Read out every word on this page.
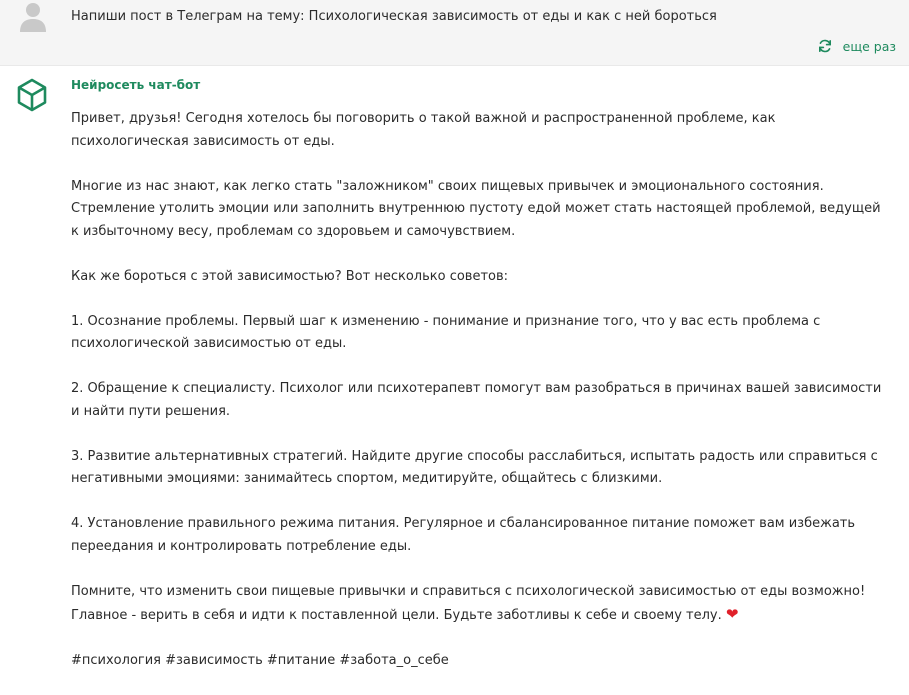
Напиши пост в Телеграм на тему: Психологическая зависимость от еды и как с ней бороться
еще раз
Нейросеть чат-бот

Привет, друзья! Сегодня хотелось бы поговорить о такой важной и распространенной проблеме, как психологическая зависимость от еды.

Многие из нас знают, как легко стать "заложником" своих пищевых привычек и эмоционального состояния. Стремление утолить эмоции или заполнить внутреннюю пустоту едой может стать настоящей проблемой, ведущей к избыточному весу, проблемам со здоровьем и самочувствием.

Как же бороться с этой зависимостью? Вот несколько советов:

1. Осознание проблемы. Первый шаг к изменению - понимание и признание того, что у вас есть проблема с психологической зависимостью от еды.

2. Обращение к специалисту. Психолог или психотерапевт помогут вам разобраться в причинах вашей зависимости и найти пути решения.

3. Развитие альтернативных стратегий. Найдите другие способы расслабиться, испытать радость или справиться с негативными эмоциями: занимайтесь спортом, медитируйте, общайтесь с близкими.

4. Установление правильного режима питания. Регулярное и сбалансированное питание поможет вам избежать переедания и контролировать потребление еды.

Помните, что изменить свои пищевые привычки и справиться с психологической зависимостью от еды возможно! Главное - верить в себя и идти к поставленной цели. Будьте заботливы к себе и своему телу. ❤

#психология #зависимость #питание #забота_о_себе
